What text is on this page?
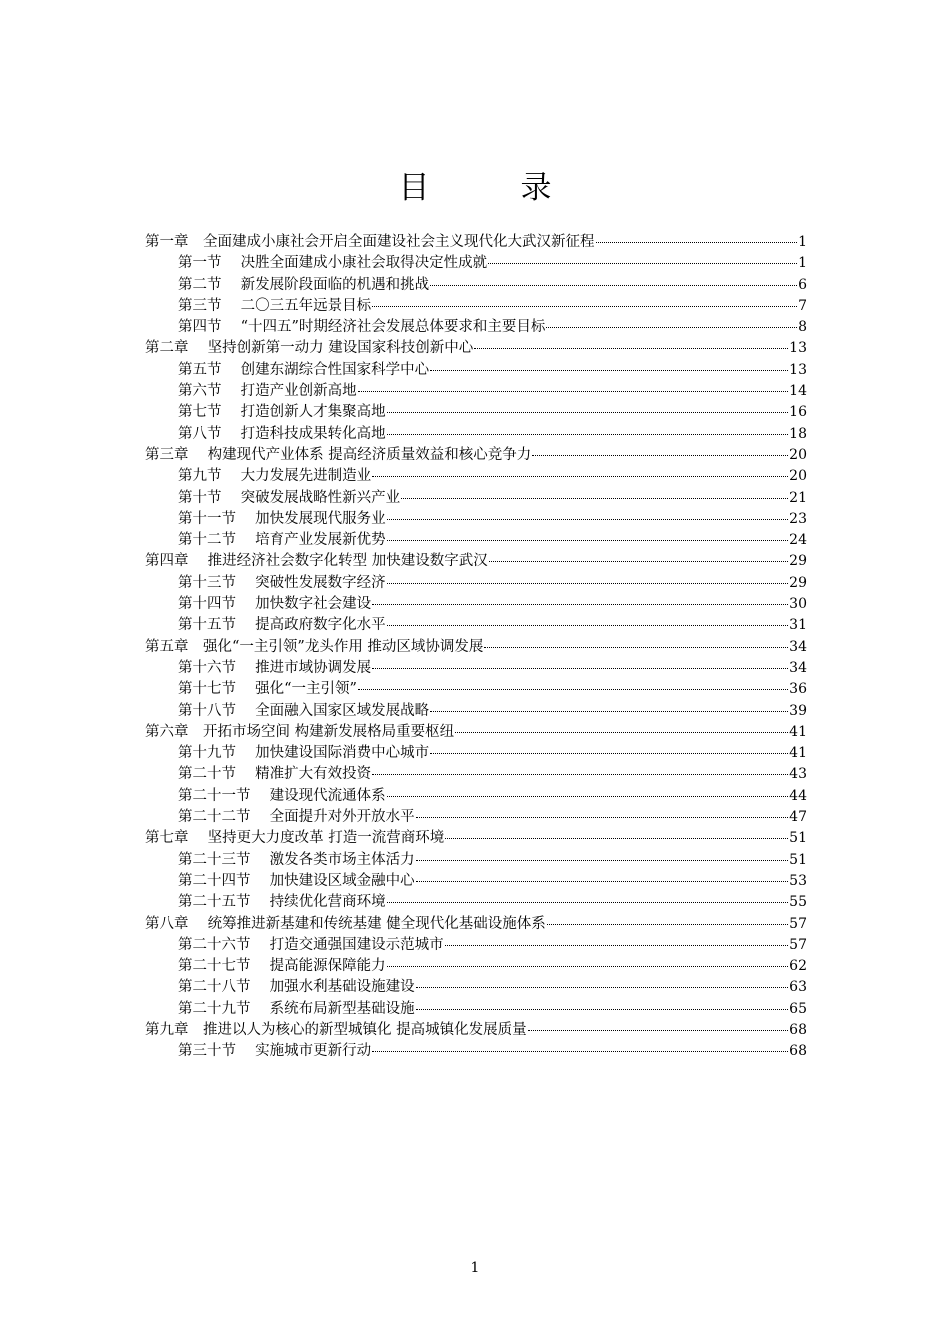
目　录
第一章　全面建成小康社会开启全面建设社会主义现代化大武汉新征程	1
第一节　 决胜全面建成小康社会取得决定性成就	1
第二节　 新发展阶段面临的机遇和挑战	6
第三节　 二〇三五年远景目标	7
第四节　 “十四五”时期经济社会发展总体要求和主要目标	8
第二章　 坚持创新第一动力 建设国家科技创新中心	13
第五节　 创建东湖综合性国家科学中心	13
第六节　 打造产业创新高地	14
第七节　 打造创新人才集聚高地	16
第八节　 打造科技成果转化高地	18
第三章　 构建现代产业体系 提高经济质量效益和核心竞争力	20
第九节　 大力发展先进制造业	20
第十节　 突破发展战略性新兴产业	21
第十一节　 加快发展现代服务业	23
第十二节　 培育产业发展新优势	24
第四章　 推进经济社会数字化转型 加快建设数字武汉	29
第十三节　 突破性发展数字经济	29
第十四节　 加快数字社会建设	30
第十五节　 提高政府数字化水平	31
第五章　强化“一主引领”龙头作用 推动区域协调发展	34
第十六节　 推进市域协调发展	34
第十七节　 强化“一主引领”	36
第十八节　 全面融入国家区域发展战略	39
第六章　开拓市场空间 构建新发展格局重要枢纽	41
第十九节　 加快建设国际消费中心城市	41
第二十节　 精准扩大有效投资	43
第二十一节　 建设现代流通体系	44
第二十二节　 全面提升对外开放水平	47
第七章　 坚持更大力度改革 打造一流营商环境	51
第二十三节　 激发各类市场主体活力	51
第二十四节　 加快建设区域金融中心	53
第二十五节　 持续优化营商环境	55
第八章　 统筹推进新基建和传统基建 健全现代化基础设施体系	57
第二十六节　 打造交通强国建设示范城市	57
第二十七节　 提高能源保障能力	62
第二十八节　 加强水利基础设施建设	63
第二十九节　 系统布局新型基础设施	65
第九章　推进以人为核心的新型城镇化 提高城镇化发展质量	68
第三十节　 实施城市更新行动	68
1
